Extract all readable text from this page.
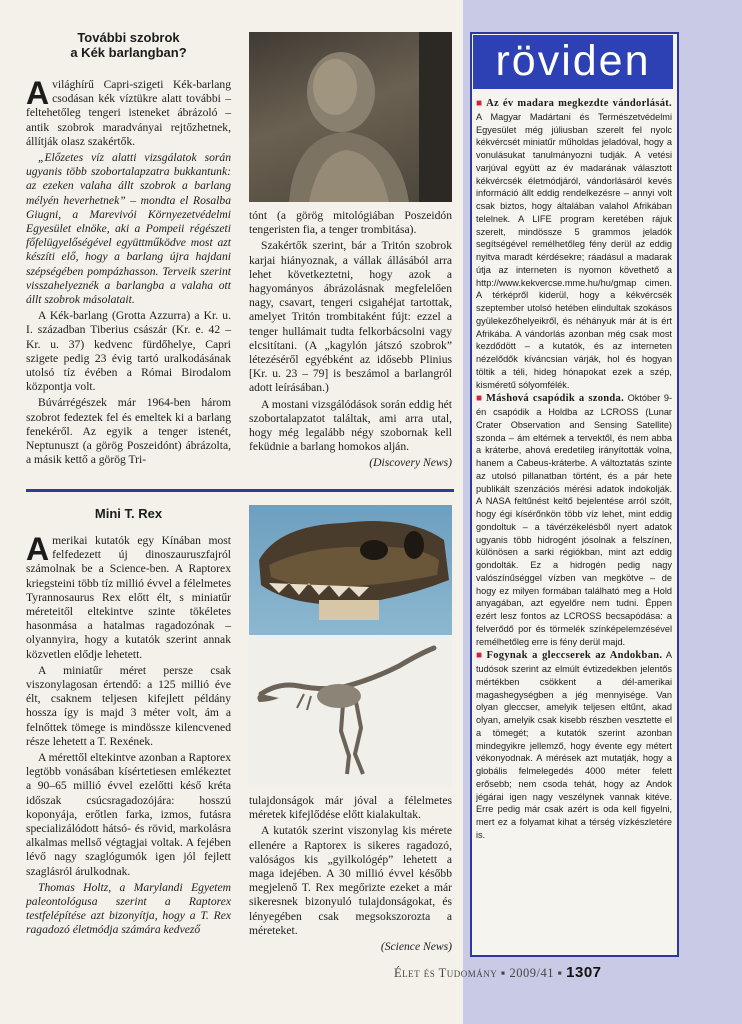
röviden

■ Az év madara megkezdte vándorlását. A Magyar Madártani és Természetvédelmi Egyesület még júliusban szerelt fel nyolc kékvércsét miniatűr műholdas jeladóval, hogy a vonulásukat tanulmányozni tudják. A vetési varjúval együtt az év madarának választott kékvércsék életmódjáról, vándorlásáról kevés információ állt eddig rendelkezésre – annyi volt csak biztos, hogy általában valahol Afrikában telelnek. A LIFE program keretében rájuk szerelt, mindössze 5 grammos jeladók segítségével remélhetőleg fény derül az eddig nyitva maradt kérdésekre; ráadásul a madarak útja az interneten is nyomon követhető a http://www.kekvercse.mme.hu/hu/gmap cimen. A térképről kiderül, hogy a kékvércsék szeptember utolsó hetében elindultak szokásos gyülekezőhelyeikről, és néhányuk már át is ért Afrikába. A vándorlás azonban még csak most kezdődött – a kutatók, és az interneten nézelődők kíváncsian várják, hol és hogyan töltik a téli, hideg hónapokat ezek a szép, kisméretű sólyomfélék.

■ Máshová csapódik a szonda. Október 9-én csapódik a Holdba az LCROSS (Lunar Crater Observation and Sensing Satellite) szonda – ám eltérnek a tervektől, és nem abba a kráterbe, ahová eredetileg irányították volna, hanem a Cabeus-kráterbe. A változtatás szinte az utolsó pillanatban történt, és a pár hete publikált szenzációs mérési adatok indokolják. A NASA feltűnést keltő bejelentése arról szólt, hogy égi kísérőnkön több víz lehet, mint eddig gondoltuk – a távérzékelésből nyert adatok ugyanis több hidrogént jósolnak a felszínen, különösen a sarki régiókban, mint azt eddig gondolták. Ez a hidrogén pedig nagy valószínűséggel vízben van megkötve – de hogy ez milyen formában található meg a Hold anyagában, azt egyelőre nem tudni. Éppen ezért lesz fontos az LCROSS becsapódása: a felverődő por és törmelék színképelemzésével remélhetőleg erre is fény derül majd.

■ Fogynak a gleccserek az Andokban. A tudósok szerint az elmúlt évtizedekben jelentős mértékben csökkent a dél-amerikai magashegységben a jég mennyisége. Van olyan gleccser, amelyik teljesen eltűnt, akad olyan, amelyik csak kisebb részben vesztette el a tömegét; a kutatók szerint azonban mindegyikre jellemző, hogy évente egy métert vékonyodnak. A mérések azt mutatják, hogy a globális felmelegedés 4000 méter felett erősebb; nem csoda tehát, hogy az Andok jégárai igen nagy veszélynek vannak kitéve. Erre pedig már csak azért is oda kell figyelni, mert ez a folyamat kihat a térség vízkészletére is.

További szobrok
a Kék barlangban?

Avilághírű Capri-szigeti Kék-barlang csodásan kék víztükre alatt további – feltehetőleg tengeri isteneket ábrázoló – antik szobrok maradványai rejtőzhetnek, állítják olasz szakértők.

„Előzetes víz alatti vizsgálatok során ugyanis több szobortalapzatra bukkantunk: az ezeken valaha állt szobrok a barlang mélyén heverhetnek” – mondta el Rosalba Giugni, a Marevivói Környezetvédelmi Egyesület elnöke, aki a Pompeii régészeti főfelügyelőségével együttműködve most azt készíti elő, hogy a barlang újra hajdani szépségében pompázhasson. Terveik szerint visszahelyeznék a barlangba a valaha ott állt szobrok másolatait.

A Kék-barlang (Grotta Azzurra) a Kr. u. I. században Tiberius császár (Kr. e. 42 – Kr. u. 37) kedvenc fürdőhelye, Capri szigete pedig 23 évig tartó uralkodásának utolsó tíz évében a Római Birodalom központja volt.

Búvárrégészek már 1964-ben három szobrot fedeztek fel és emeltek ki a barlang fenekéről. Az egyik a tenger istenét, Neptunuszt (a görög Poszeidónt) ábrázolta, a másik kettő a görög Tri-

tónt (a görög mitológiában Poszeidón tengeristen fia, a tenger trombitása).

Szakértők szerint, bár a Tritón szobrok karjai hiányoznak, a vállak állásából arra lehet következtetni, hogy azok a hagyományos ábrázolásnak megfelelően nagy, csavart, tengeri csigahéjat tartottak, amelyet Tritón trombitaként fújt: ezzel a tenger hullámait tudta felkorbácsolni vagy elcsitítani. (A „kagylón játszó szobrok” létezéséről egyébként az idősebb Plinius [Kr. u. 23 – 79] is beszámol a barlangról adott leírásában.)

A mostani vizsgálódások során eddig hét szobortalapzatot találtak, ami arra utal, hogy még legalább négy szobornak kell feküdnie a barlang homokos alján.

(Discovery News)

Mini T. Rex

Amerikai kutatók egy Kínában most felfedezett új dinoszauruszfajról számolnak be a Science-ben. A Raptorex kriegsteini több tíz millió évvel a félelmetes Tyrannosaurus Rex előtt élt, s miniatűr méreteitől eltekintve szinte tökéletes hasonmása a hatalmas ragadozónak – olyannyira, hogy a kutatók szerint annak közvetlen elődje lehetett.

A miniatűr méret persze csak viszonylagosan értendő: a 125 millió éve élt, csaknem teljesen kifejlett példány hossza így is majd 3 méter volt, ám a felnőttek tömege is mindössze kilencvened része lehetett a T. Rexének.

A mérettől eltekintve azonban a Raptorex legtöbb vonásában kísértetiesen emlékeztet a 90–65 millió évvel ezelőtti késő kréta időszak csúcsragadozójára: hosszú koponyája, erőtlen farka, izmos, futásra specializálódott hátsó- és rövid, markolásra alkalmas mellső végtagjai voltak. A fejében lévő nagy szaglógumók igen jól fejlett szaglásról árulkodnak.

Thomas Holtz, a Marylandi Egyetem paleontológusa szerint a Raptorex testfelépítése azt bizonyítja, hogy a T. Rex ragadozó életmódja számára kedvező

tulajdonságok már jóval a félelmetes méretek kifejlődése előtt kialakultak.

A kutatók szerint viszonylag kis mérete ellenére a Raptorex is sikeres ragadozó, valóságos kis „gyilkológép” lehetett a maga idejében. A 30 millió évvel később megjelenő T. Rex megőrizte ezeket a már sikeresnek bizonyuló tulajdonságokat, és lényegében csak megsokszorozta a méreteket.

(Science News)

Élet és Tudomány ▪ 2009/41 ▪ 1307
